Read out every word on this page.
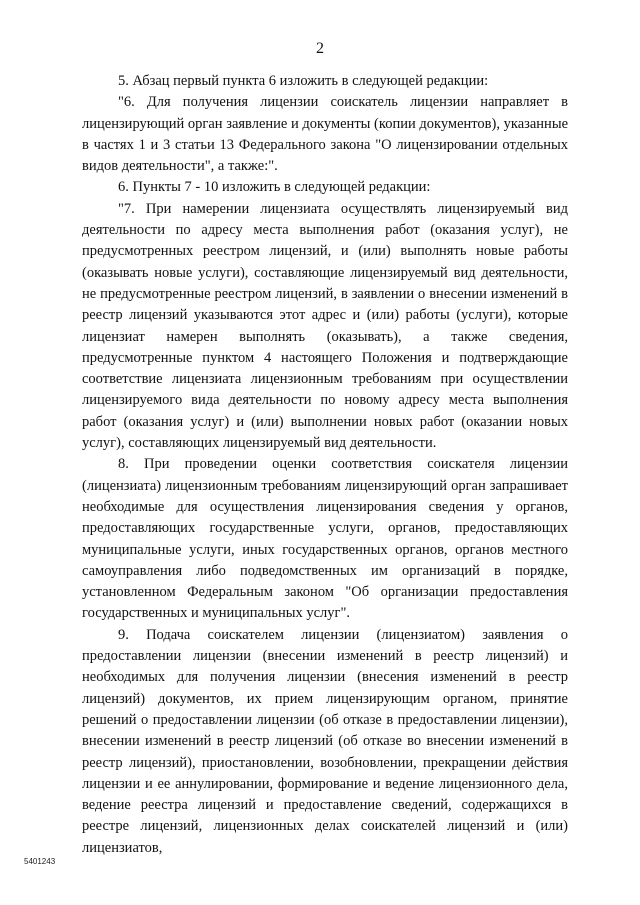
2

5. Абзац первый пункта 6 изложить в следующей редакции:

"6. Для получения лицензии соискатель лицензии направляет в лицензирующий орган заявление и документы (копии документов), указанные в частях 1 и 3 статьи 13 Федерального закона "О лицензировании отдельных видов деятельности", а также:".

6. Пункты 7 - 10 изложить в следующей редакции:

"7. При намерении лицензиата осуществлять лицензируемый вид деятельности по адресу места выполнения работ (оказания услуг), не предусмотренных реестром лицензий, и (или) выполнять новые работы (оказывать новые услуги), составляющие лицензируемый вид деятельности, не предусмотренные реестром лицензий, в заявлении о внесении изменений в реестр лицензий указываются этот адрес и (или) работы (услуги), которые лицензиат намерен выполнять (оказывать), а также сведения, предусмотренные пунктом 4 настоящего Положения и подтверждающие соответствие лицензиата лицензионным требованиям при осуществлении лицензируемого вида деятельности по новому адресу места выполнения работ (оказания услуг) и (или) выполнении новых работ (оказании новых услуг), составляющих лицензируемый вид деятельности.

8. При проведении оценки соответствия соискателя лицензии (лицензиата) лицензионным требованиям лицензирующий орган запрашивает необходимые для осуществления лицензирования сведения у органов, предоставляющих государственные услуги, органов, предоставляющих муниципальные услуги, иных государственных органов, органов местного самоуправления либо подведомственных им организаций в порядке, установленном Федеральным законом "Об организации предоставления государственных и муниципальных услуг".

9. Подача соискателем лицензии (лицензиатом) заявления о предоставлении лицензии (внесении изменений в реестр лицензий) и необходимых для получения лицензии (внесения изменений в реестр лицензий) документов, их прием лицензирующим органом, принятие решений о предоставлении лицензии (об отказе в предоставлении лицензии), внесении изменений в реестр лицензий (об отказе во внесении изменений в реестр лицензий), приостановлении, возобновлении, прекращении действия лицензии и ее аннулировании, формирование и ведение лицензионного дела, ведение реестра лицензий и предоставление сведений, содержащихся в реестре лицензий, лицензионных делах соискателей лицензий и (или) лицензиатов,

5401243
